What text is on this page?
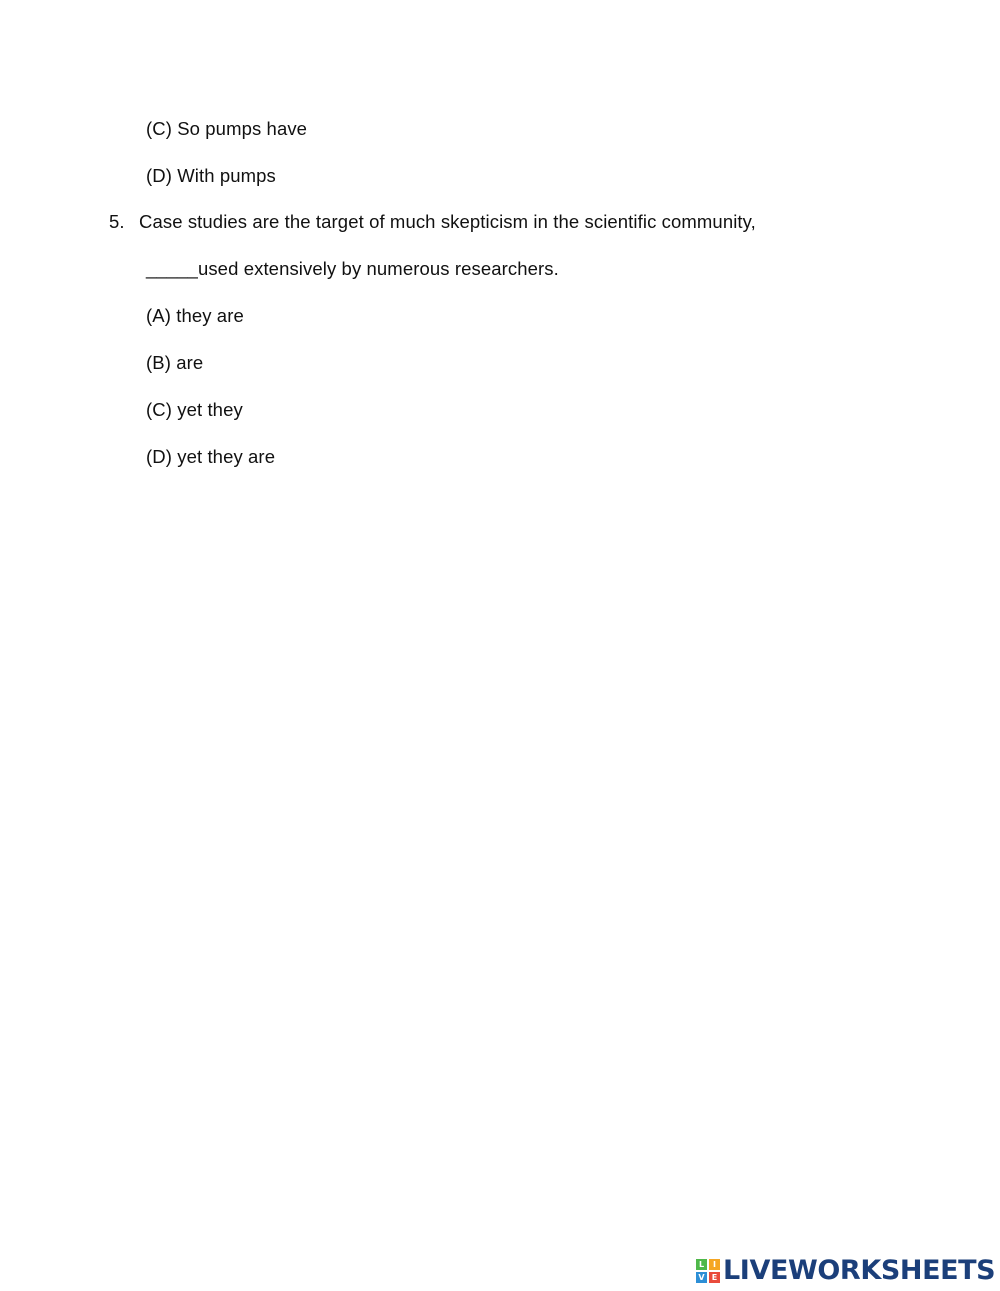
(C) So pumps have
(D) With pumps
5. Case studies are the target of much skepticism in the scientific community,
_____used extensively by numerous researchers.
(A) they are
(B) are
(C) yet they
(D) yet they are
L	I
V E LIVEWORKSHEETS
